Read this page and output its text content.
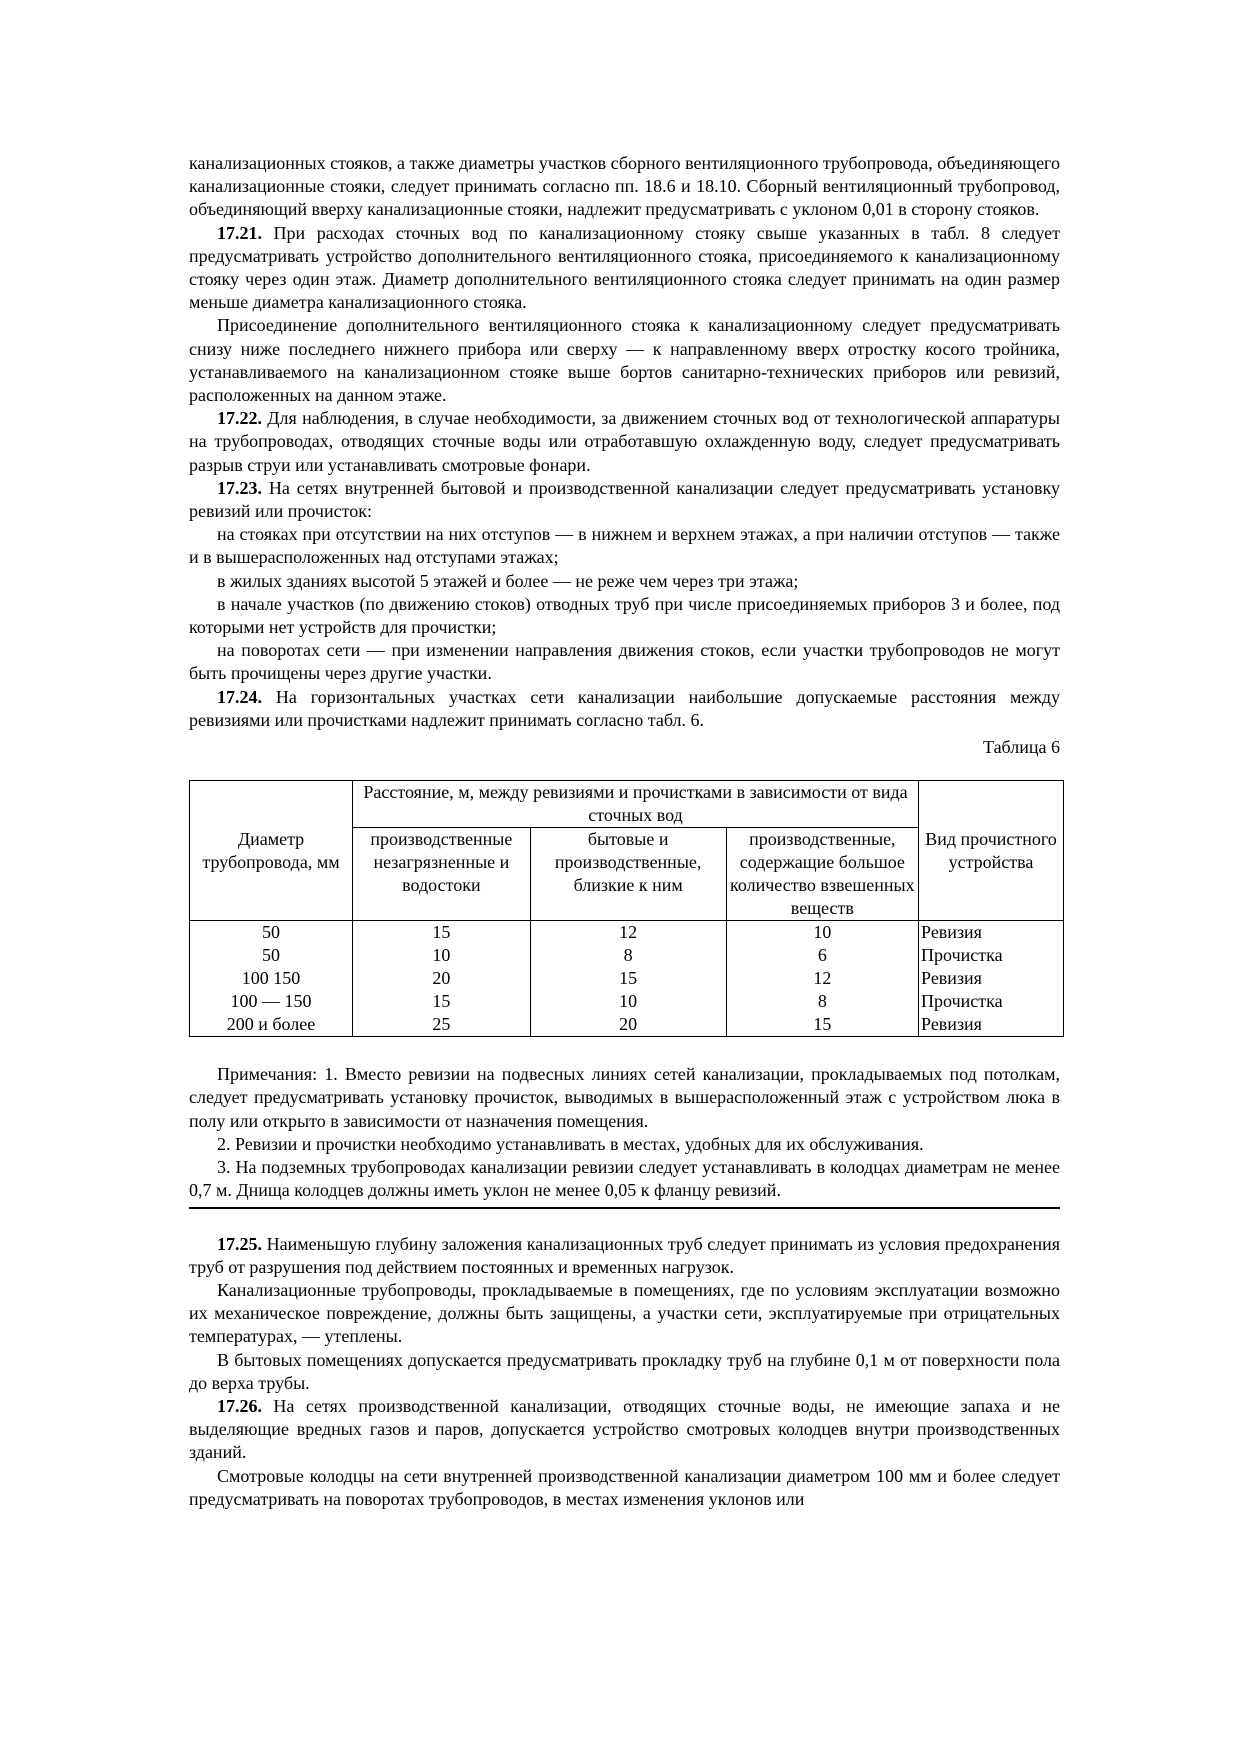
канализационных стояков, а также диаметры участков сборного вентиляционного трубопровода, объединяющего канализационные стояки, следует принимать согласно пп. 18.6 и 18.10. Сборный вентиляционный трубопровод, объединяющий вверху канализационные стояки, надлежит предусматривать с уклоном 0,01 в сторону стояков.

17.21. При расходах сточных вод по канализационному стояку свыше указанных в табл. 8 следует предусматривать устройство дополнительного вентиляционного стояка, присоединяемого к канализационному стояку через один этаж. Диаметр дополнительного вентиляционного стояка следует принимать на один размер меньше диаметра канализационного стояка.

Присоединение дополнительного вентиляционного стояка к канализационному следует предусматривать снизу ниже последнего нижнего прибора или сверху — к направленному вверх отростку косого тройника, устанавливаемого на канализационном стояке выше бортов санитарно-технических приборов или ревизий, расположенных на данном этаже.

17.22. Для наблюдения, в случае необходимости, за движением сточных вод от технологической аппаратуры на трубопроводах, отводящих сточные воды или отработавшую охлажденную воду, следует предусматривать разрыв струи или устанавливать смотровые фонари.

17.23. На сетях внутренней бытовой и производственной канализации следует предусматривать установку ревизий или прочисток:

на стояках при отсутствии на них отступов — в нижнем и верхнем этажах, а при наличии отступов — также и в вышерасположенных над отступами этажах;

в жилых зданиях высотой 5 этажей и более — не реже чем через три этажа;

в начале участков (по движению стоков) отводных труб при числе присоединяемых приборов 3 и более, под которыми нет устройств для прочистки;

на поворотах сети — при изменении направления движения стоков, если участки трубопроводов не могут быть прочищены через другие участки.

17.24. На горизонтальных участках сети канализации наибольшие допускаемые расстояния между ревизиями или прочистками надлежит принимать согласно табл. 6.

Таблица 6

Диаметр трубопровода, мм	Расстояние, м, между ревизиями и прочистками в зависимости от вида сточных вод			Вид прочистного устройства
	производственные незагрязненные и водостоки	бытовые и производственные, близкие к ним	производственные, содержащие большое количество взвешенных веществ	
50	15	12	10	Ревизия
50	10	8	6	Прочистка
100 150	20	15	12	Ревизия
100 — 150	15	10	8	Прочистка
200 и более	25	20	15	Ревизия

Примечания: 1. Вместо ревизии на подвесных линиях сетей канализации, прокладываемых под потолкам, следует предусматривать установку прочисток, выводимых в вышерасположенный этаж с устройством люка в полу или открыто в зависимости от назначения помещения.

2. Ревизии и прочистки необходимо устанавливать в местах, удобных для их обслуживания.

3. На подземных трубопроводах канализации ревизии следует устанавливать в колодцах диаметрам не менее 0,7 м. Днища колодцев должны иметь уклон не менее 0,05 к фланцу ревизий.

17.25. Наименьшую глубину заложения канализационных труб следует принимать из условия предохранения труб от разрушения под действием постоянных и временных нагрузок.

Канализационные трубопроводы, прокладываемые в помещениях, где по условиям эксплуатации возможно их механическое повреждение, должны быть защищены, а участки сети, эксплуатируемые при отрицательных температурах, — утеплены.

В бытовых помещениях допускается предусматривать прокладку труб на глубине 0,1 м от поверхности пола до верха трубы.

17.26. На сетях производственной канализации, отводящих сточные воды, не имеющие запаха и не выделяющие вредных газов и паров, допускается устройство смотровых колодцев внутри производственных зданий.

Смотровые колодцы на сети внутренней производственной канализации диаметром 100 мм и более следует предусматривать на поворотах трубопроводов, в местах изменения уклонов или
